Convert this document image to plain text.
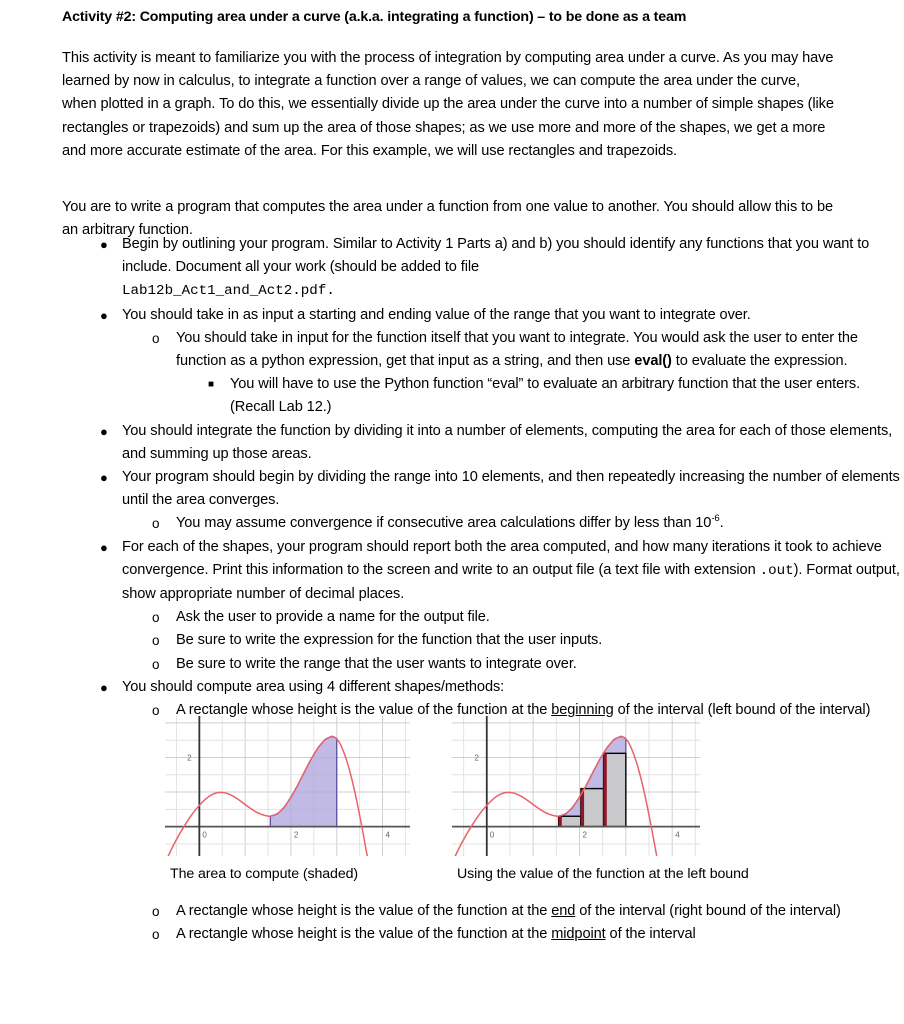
Activity #2: Computing area under a curve (a.k.a. integrating a function) – to be done as a team
This activity is meant to familiarize you with the process of integration by computing area under a curve. As you may have learned by now in calculus, to integrate a function over a range of values, we can compute the area under the curve, when plotted in a graph. To do this, we essentially divide up the area under the curve into a number of simple shapes (like rectangles or trapezoids) and sum up the area of those shapes; as we use more and more of the shapes, we get a more and more accurate estimate of the area. For this example, we will use rectangles and trapezoids.
You are to write a program that computes the area under a function from one value to another. You should allow this to be an arbitrary function.
● Begin by outlining your program. Similar to Activity 1 Parts a) and b) you should identify any functions that you want to include. Document all your work (should be added to file
Lab12b_Act1_and_Act2.pdf.
● You should take in as input a starting and ending value of the range that you want to integrate over.
o You should take in input for the function itself that you want to integrate. You would ask the user to enter the function as a python expression, get that input as a string, and then use eval() to evaluate the expression.
■ You will have to use the Python function “eval” to evaluate an arbitrary function that the user enters. (Recall Lab 12.)
● You should integrate the function by dividing it into a number of elements, computing the area for each of those elements, and summing up those areas.
● Your program should begin by dividing the range into 10 elements, and then repeatedly increasing the number of elements until the area converges.
o You may assume convergence if consecutive area calculations differ by less than $10^{-6}$.
● For each of the shapes, your program should report both the area computed, and how many iterations it took to achieve convergence. Print this information to the screen and write to an output file (a text file with extension .out). Format output, show appropriate number of decimal places.
o Ask the user to provide a name for the output file.
o Be sure to write the expression for the function that the user inputs.
o Be sure to write the range that the user wants to integrate over.
● You should compute area using 4 different shapes/methods:
o A rectangle whose height is the value of the function at the beginning of the interval (left bound of the interval)
0	2	4
2
0	2	4
2
The area to compute (shaded)	Using the value of the function at the left bound
o A rectangle whose height is the value of the function at the end of the interval (right bound of the interval)
o A rectangle whose height is the value of the function at the midpoint of the interval
